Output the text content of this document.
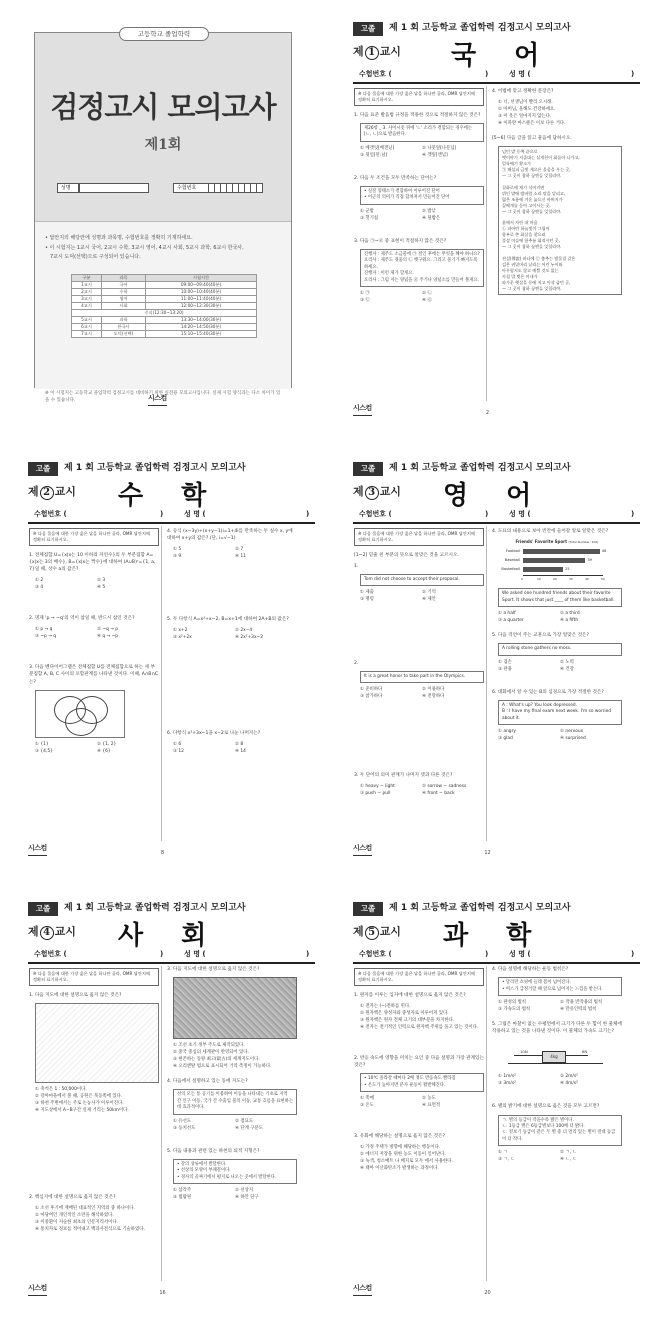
고등학교 졸업학력
검정고시 모의고사
제1회
성명	수험번호
• 답안지의 해당란에 성명과 과목명, 수험번호를 정확히 기재하세요.
• 이 시험지는 1교시 국어, 2교시 수학, 3교시 영어, 4교시 사회, 5교시 과학, 6교시 한국사,
7교시 도덕(선택)으로 구성되어 있습니다.
구분	과목	시험시간
1교시	국어	09:00~09:40(40분)
2교시	수학	10:00~10:40(40분)
3교시	영어	11:00~11:40(40분)
4교시	사회	12:00~12:30(30분)
중식(12:30~13:20)		
5교시	과학	13:30~14:00(30분)
6교시	한국사	14:20~14:50(30분)
7교시	도덕(선택)	15:10~15:40(30분)
※ 이 시험지는 고등학교 졸업학력 검정고시를 대비하기 위한 실전용 모의고사입니다. 실제 시험 양식과는 다소 차이가 있을 수 있습니다.	시스컴
고졸	제 1 회 고등학교 졸업학력 검정고시 모의고사
제 1 교시 국어
수험번호 (	)	성 명 (	)
※ 다음 물음에 대한 가장 옳은 답을 하나만 골라, OMR 답안지에 정확히 표기하시오.
1. 다음 표준 발음법 규정을 적용한 것으로 적절하지 않은 것은?
제26항 _ 3. 사이시옷 뒤에 'ㄴ' 소리가 결합되는 경우에는 [ㄴ, ㄴ]으로 발음한다.
① 베갯잇[베갠닏]	② 나뭇잎[나문닙]
③ 뒷일[뒨ː닐]	④ 깻잎[깬닙]
2. 다음 두 조건을 모두 만족하는 단어는?
• 실질 형태소가 결합하여 이루어진 단어
• 어근의 의미가 직접 합쳐져서 만들어진 단어
① 군밤	② 밤낮
③ 헛기침	④ 덮밥은
3. 다음 ㉠~㉣ 중 표현이 적절하지 않은 것은?
진행자 : 제주도 소금물에 ㉠ 절인 후에는 무엇을 해야 하나요?
요리사 : 제주도 경품의 ㉡ 햇구워요. 그리고 물기가 빠지도록 하세요.
진행자 : 이런 제가 할게요.
요리사 : 그럼 저는 양념을 ㉣ 주거나 양념소를 만들어 볼게요.
① ㉠	② ㉡
③ ㉢	④ ㉣
4. 어법에 맞고 정확한 문장은?
① 너, 선생님이 빨리 오시래.
② 아버님, 올해도 건강하세요.
③ 이 옷은 얼마지지 않는다.
④ 이파란 마스클은 이보 다른 거다.
[5~6] 다음 글을 읽고 물음에 답하시오.
넘던 밭 동쪽 끝으로
옛이야기 지줄대는 실개천이 휘돌아 나가고,
얼룩배기 황소가
㉠ 해설피 금빛 게으른 울음을 우는 곳,
— 그 곳이 참하 꿈엔들 잊힐리야.

질화로에 재가 식어지면
뷔인 밭에 밤바람 소리 말을 달리고,
엷은 조름에 겨운 늙으신 아버지가
짚베개를 돋아 고이시는 곳,
— 그 곳이 참하 꿈엔들 잊힐리야.

흙에서 자란 내 마음
㉡ 파아란 하늘빛이 그립어
함부로 쏜 화살을 찾으러
풀섶 이슬에 함추름 휘적시던 곳,
— 그 곳이 참하 꿈엔들 잊힐리야.

전설(傳說) 바다에 ㉢ 춤추는 밤물결 같은
검은 귀밑머리 날리는 어린 누이와
아무렇지도 않고 예쁠 것도 없는
사철 발 벗은 아내가
따가운 햇살을 등에 지고 이삭 줍던 곳,
— 그 곳이 참하 꿈엔들 잊힐리야.
시스컴
2
고졸	제 1 회 고등학교 졸업학력 검정고시 모의고사
제 2 교시 수학
수험번호 (	)	성 명 (	)
※ 다음 물음에 대한 가장 옳은 답을 하나만 골라, OMR 답안지에 정확히 표기하시오.
1. 전체집합 U={x|x는 10 이하의 자연수}의 두 부분집합 A={x|x는 3의 배수}, B={x|x는 짝수}에 대하여 (A∪B)ᶜ={1, a, 7}일 때, 상수 a의 값은?
① 2	② 3
③ 4	④ 5
2. 명제 'p → ~q'의 역이 참일 때, 반드시 참인 것은?
① p → q	② ~q → p
③ ~p → q	④ q → ~p
3. 다음 벤다이어그램은 전체집합 U를 전체집합으로 하는 세 부분집합 A, B, C 사이의 포함관계를 나타낸 것이다. 이때, A∩B∩C는?
① {1}	② {1, 2}
③ {4,5}	④ {6}
4. 등식 (x−3y)+(x+y−1)i=1+4i를 만족하는 두 실수 x, y에 대하여 x+y의 값은? (단, i=√−1)
① 5	② 7
③ 9	④ 11
5. 두 다항식 A=x²+x−2, B=x+1에 대하여 2A+B의 값은?
① x+2	② 2x−4
③ x²+2x	④ 2x²+3x−2
6. 다항식 x³+3x−1을 x−2로 나눈 나머지는?
① 6	② 8
③ 12	④ 14
시스컴
8
고졸	제 1 회 고등학교 졸업학력 검정고시 모의고사
제 3 교시 영어
수험번호 (	)	성 명 (	)
※ 다음 물음에 대한 가장 옳은 답을 하나만 골라, OMR 답안지에 정확히 표기하시오.
[1~2] 밑줄 친 부분의 뜻으로 알맞은 것을 고르시오.
1.
Tom did not choose to accept their proposal.
① 제출	② 기억
③ 명령	④ 제안
2.
It is a great honor to take part in the Olympics.
① 준비하다	② 이용하다
③ 참가하다	④ 전망하다
3. 두 단어의 의미 관계가 나머지 셋과 다른 것은?
① heavy − light	② sorrow − sadness
③ push − pull	④ front − back
4. 도표의 내용으로 보아 빈칸에 들어갈 알로 알맞은 것은?
Friends' Favorite Sport (Total Number: 100)
Football
Baseball
Basketball
48
39
25
0	10	20	30	40	50
We asked one hundred friends about their favorite Sport. It shows that just ____ of them like basketball.
① a half	② a third
③ a quarter	④ a fifth
5. 다음 격언이 주는 교훈으로 가장 알맞은 것은?
A rolling stone gathers no moss.
① 겸손	② 노력
③ 관용	④ 건강
6. 대화에서 알 수 있는 B의 심경으로 가장 적절한 것은?
A : What's up? You look depressed.
B : I have my final exam next week. I'm so worried about it.
① angry	② nervous
③ glad	④ surprised
시스컴
12
고졸	제 1 회 고등학교 졸업학력 검정고시 모의고사
제 4 교시 사회
수험번호 (	)	성 명 (	)
※ 다음 물음에 대한 가장 옳은 답을 하나만 골라, OMR 답안지에 정확히 표기하시오.
1. 다음 지도에 대한 설명으로 옳지 않은 것은?
① 축척은 1 : 50,000이다.
② 강아마을에서 볼 때, 공원은 북동쪽에 있다.
③ 하천 주변에서는 주로 논농사가 이루어진다.
④ 지도상에서 A−B구간 실제 거리는 50km이다.
2. 핵심지에 대한 설명으로 옳지 않은 것은?
① 소선 후기에 재배된 대표적인 지역의 중 하나이다.
② 마당여인 개인적인 소란을 해석하였다.
③ 이중환이 저술한 최초의 인문지리서이다.
④ 통치자로 정보를 적어내고 백과사전식으로 기술하였다.
3. 다음 지도에 대한 설명으로 옳지 않은 것은?
① 조선 초기 정부 주도로 제작되었다.
② 중국 중심의 세계관이 반영되어 있다.
③ 현존하는 동양 최고(最古)의 세계지도이다.
④ 오리엔탈 범으로 표시되어 거리 측정이 가능하다.
4. 다음에서 설명하고 있는 동에 지도는?
선의 모든 통 공기를 이용하여 이동을 나타내는 기초로 지역 간 인구 이동, 국가 간 수출입 물의 이동, 교통 흐름을 표현하는 데 효과적이다.
① 유선도	② 점묘도
③ 등치선도	④ 단계 구분도
5. 다음 내용과 관련 있는 하천의 퇴적 지형은?
• 강의 상류에서 발달한다.
• 선상의 모양이 부채꼴이다.
• 경사의 골짜기에서 평지로 나오는 곳에서 발달한다.
① 삼각주	② 선상지
③ 범람원	④ 하안 단구
시스컴
16
고졸	제 1 회 고등학교 졸업학력 검정고시 모의고사
제 5 교시 과학
수험번호 (	)	성 명 (	)
※ 다음 물음에 대한 가장 옳은 답을 하나만 골라, OMR 답안지에 정확히 표기하시오.
1. 원자를 이루는 입자에 대한 설명으로 옳지 않은 것은?
① 전자는 (−)전하를 띤다.
② 원자핵은 양성자와 중성자로 이루어져 있다.
③ 원자핵은 원자 전체 크기의 대부분을 차지한다.
④ 전자는 전기적인 인력으로 원자핵 주위를 돌고 있는 것이다.
2. 반응 속도에 영향을 미치는 요인 중 다음 설명과 가장 관계있는 것은?
• 10℃ 올라갈 때마다 2배 정도 반응속도 빨라짐
• 온도가 높아지면 분자 운동이 활발해진다.
① 촉매	② 농도
③ 온도	④ 표면적
3. 유화에 해당하는 설명으로 옳지 않은 것은?
① 가정 주택가 방향에 해당하는 행동이다.
② 에너지 저장을 위한 농도 이동이 일어난다.
③ 녹색, 청소매트 나 배지로 모두 에서 사용한다.
④ 태아 이산화탄소가 발생하는 과정이다.
4. 다음 설명에 해당하는 운동 법칙은?
• 달리던 쇼핑에 들레 몸이 넘어진다.
• 버스가 급정거할 때 앞으로 넘어지는 느낌을 받는다.
① 관성의 법칙	② 작용 반작용의 법칙
③ 가속도의 법칙	④ 만유인력의 법칙
5. 그림은 마찰이 없는 수평면에서 크기가 다른 두 힘이 한 물체에 작용하고 있는 것을 나타낸 것이다. 이 물체의 가속도 크기는?
4kg
10N	6N
① 1m/s²	② 2m/s²
③ 3m/s²	④ 4m/s²
6. 별의 밝기에 대한 설명으로 옳은 것을 모두 고르면?
ㄱ. 별의 등급이 작을수록 밝은 별이다.
ㄴ. 1등급 별은 6등급별보다 100배 더 밝다.
ㄷ. 겉보기 등급이 같은 두 별 중 더 멀리 있는 별이 절대 등급이 더 작다.
① ㄱ	② ㄱ, ㄴ
③ ㄱ, ㄷ	④ ㄴ, ㄷ
시스컴
20
